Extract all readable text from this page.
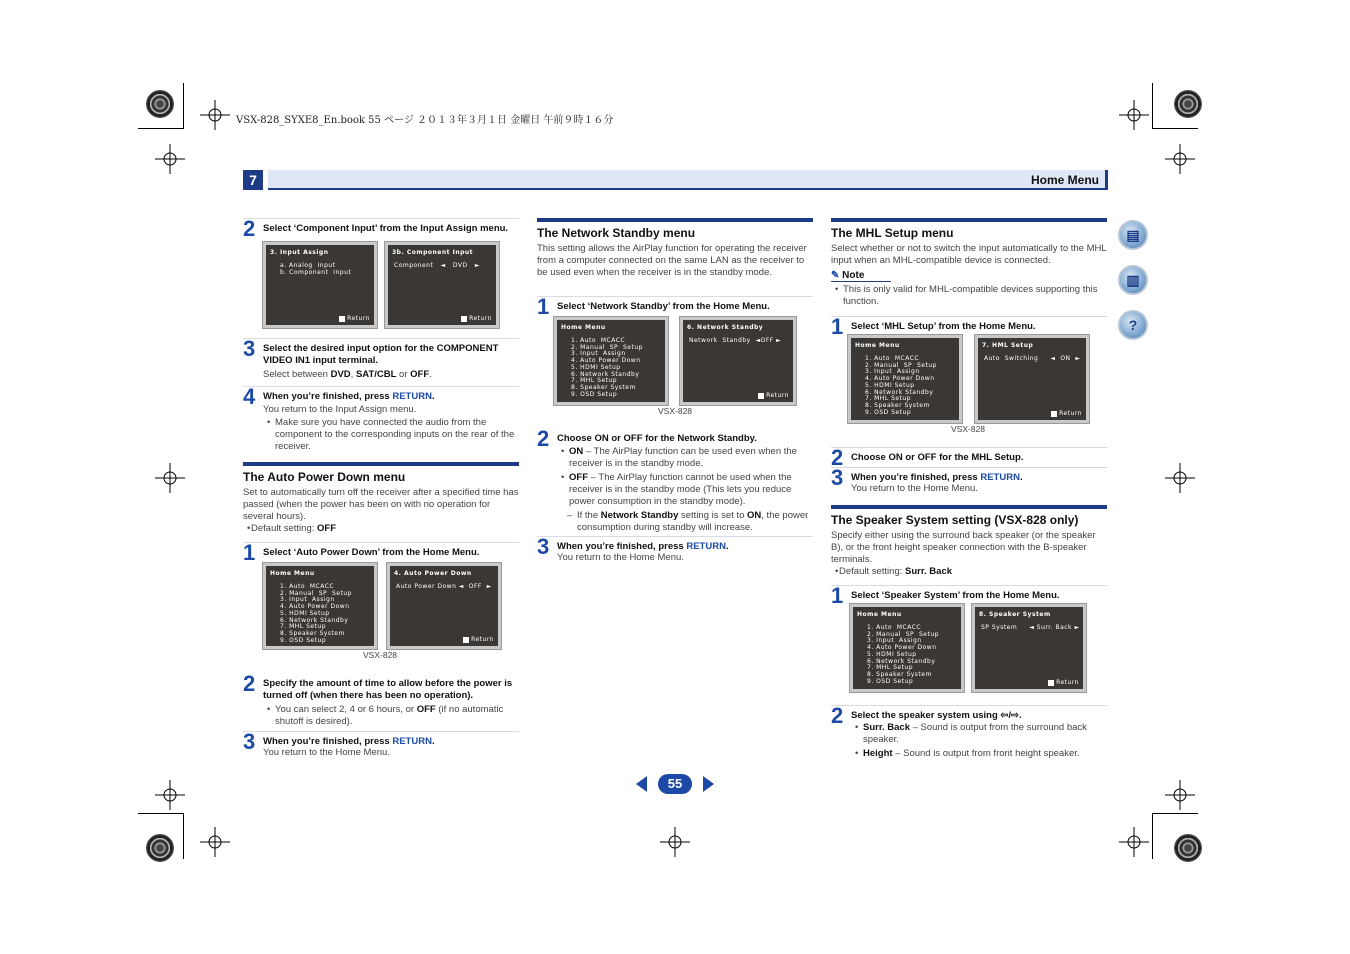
VSX-828_SYXE8_En.book 55 ページ ２０１３年３月１日 金曜日 午前９時１６分
7	Home Menu
▤
▥
?
2 Select ‘Component Input’ from the Input Assign menu.
3. Input Assign
a. Analog  Input
b. Component  Input
Return
3b. Component Input
Component   ◄   DVD   ►
Return
3 Select the desired input option for the COMPONENT VIDEO IN1 input terminal.
Select between DVD, SAT/CBL or OFF.
4 When you’re finished, press RETURN.
You return to the Input Assign menu.
• Make sure you have connected the audio from the component to the corresponding inputs on the rear of the receiver.
The Auto Power Down menu
Set to automatically turn off the receiver after a specified time has passed (when the power has been on with no operation for several hours).
• Default setting: OFF
1 Select ‘Auto Power Down’ from the Home Menu.
Home Menu
1. Auto  MCACC
2. Manual  SP  Setup
3. Input  Assign
4. Auto Power Down
5. HDMI Setup
6. Network Standby
7. MHL Setup
8. Speaker System
9. OSD Setup
4. Auto Power Down
Auto Power Down ◄  OFF  ►
Return
VSX-828
2 Specify the amount of time to allow before the power is turned off (when there has been no operation).
• You can select 2, 4 or 6 hours, or OFF (if no automatic shutoff is desired).
3 When you’re finished, press RETURN.
You return to the Home Menu.
The Network Standby menu
This setting allows the AirPlay function for operating the receiver from a computer connected on the same LAN as the receiver to be used even when the receiver is in the standby mode.
1 Select ‘Network Standby’ from the Home Menu.
Home Menu
1. Auto  MCACC
2. Manual  SP  Setup
3. Input  Assign
4. Auto Power Down
5. HDMI Setup
6. Network Standby
7. MHL Setup
8. Speaker System
9. OSD Setup
6. Network Standby
Network  Standby  ◄OFF ►
Return
VSX-828
2 Choose ON or OFF for the Network Standby.
• ON – The AirPlay function can be used even when the receiver is in the standby mode.
• OFF – The AirPlay function cannot be used when the receiver is in the standby mode (This lets you reduce power consumption in the standby mode).
– If the Network Standby setting is set to ON, the power consumption during standby will increase.
3 When you’re finished, press RETURN.
You return to the Home Menu.
The MHL Setup menu
Select whether or not to switch the input automatically to the MHL input when an MHL-compatible device is connected.
✎ Note
• This is only valid for MHL-compatible devices supporting this function.
1 Select ‘MHL Setup’ from the Home Menu.
Home Menu
1. Auto  MCACC
2. Manual  SP  Setup
3. Input  Assign
4. Auto Power Down
5. HDMI Setup
6. Network Standby
7. MHL Setup
8. Speaker System
9. OSD Setup
7. HML Setup
Auto  Switching     ◄  ON  ►
Return
VSX-828
2 Choose ON or OFF for the MHL Setup.
3 When you’re finished, press RETURN.
You return to the Home Menu.
The Speaker System setting (VSX-828 only)
Specify either using the surround back speaker (or the speaker B), or the front height speaker connection with the B-speaker terminals.
• Default setting: Surr. Back
1 Select ‘Speaker System’ from the Home Menu.
Home Menu
1. Auto  MCACC
2. Manual  SP  Setup
3. Input  Assign
4. Auto Power Down
5. HDMI Setup
6. Network Standby
7. MHL Setup
8. Speaker System
9. OSD Setup
8. Speaker System
SP System     ◄ Surr. Back ►
Return
2 Select the speaker system using ⇦/⇨.
• Surr. Back – Sound is output from the surround back speaker.
• Height – Sound is output from front height speaker.
55
